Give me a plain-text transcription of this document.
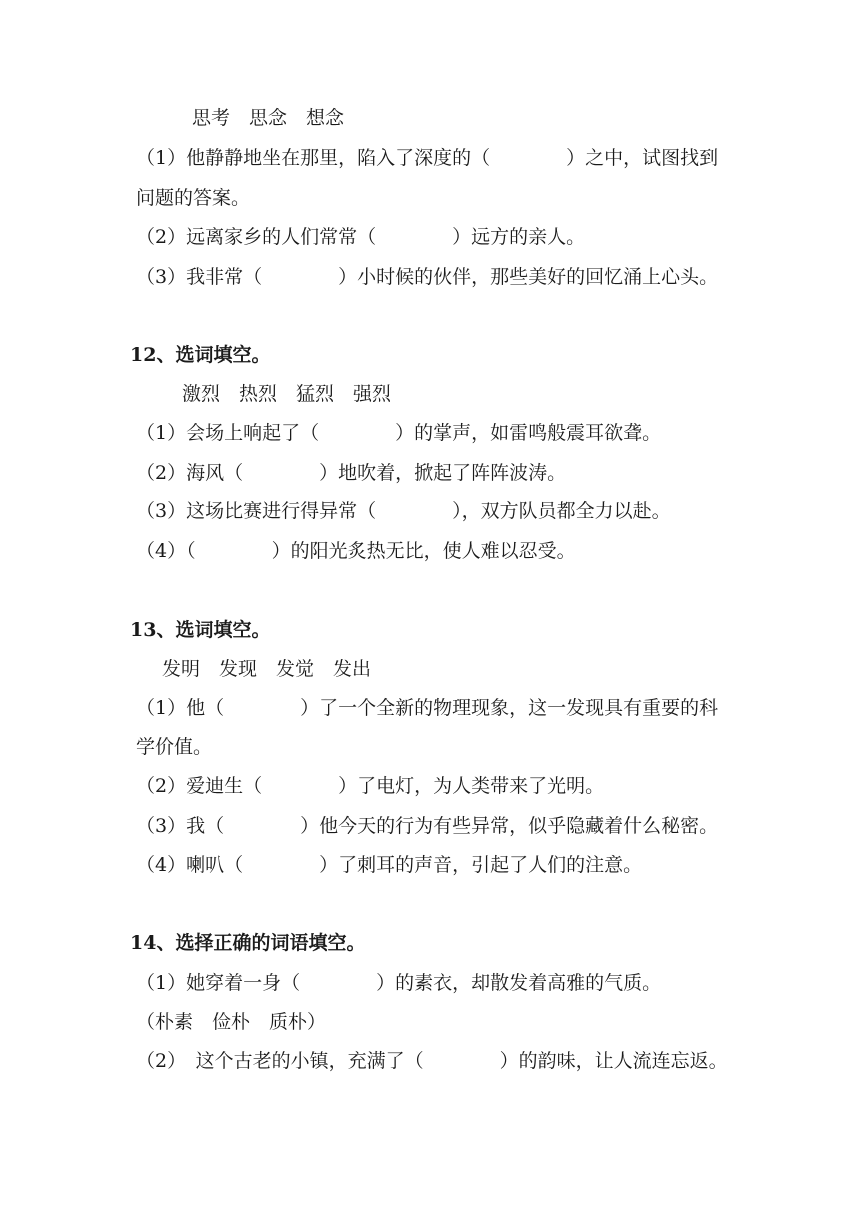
思考　思念　想念

（1）他静静地坐在那里，陷入了深度的（　　　　）之中，试图找到

问题的答案。

（2）远离家乡的人们常常（　　　　）远方的亲人。

（3）我非常（　　　　）小时候的伙伴，那些美好的回忆涌上心头。

12、选词填空。

激烈　热烈　猛烈　强烈

（1）会场上响起了（　　　　）的掌声，如雷鸣般震耳欲聋。

（2）海风（　　　　）地吹着，掀起了阵阵波涛。

（3）这场比赛进行得异常（　　　　），双方队员都全力以赴。

（4）（　　　　）的阳光炙热无比，使人难以忍受。

13、选词填空。

发明　发现　发觉　发出

（1）他（　　　　）了一个全新的物理现象，这一发现具有重要的科

学价值。

（2）爱迪生（　　　　）了电灯，为人类带来了光明。

（3）我（　　　　）他今天的行为有些异常，似乎隐藏着什么秘密。

（4）喇叭（　　　　）了刺耳的声音，引起了人们的注意。

14、选择正确的词语填空。

（1）她穿着一身（　　　　）的素衣，却散发着高雅的气质。

（朴素　俭朴　质朴）

（2）　这个古老的小镇，充满了（　　　　）的韵味，让人流连忘返。
